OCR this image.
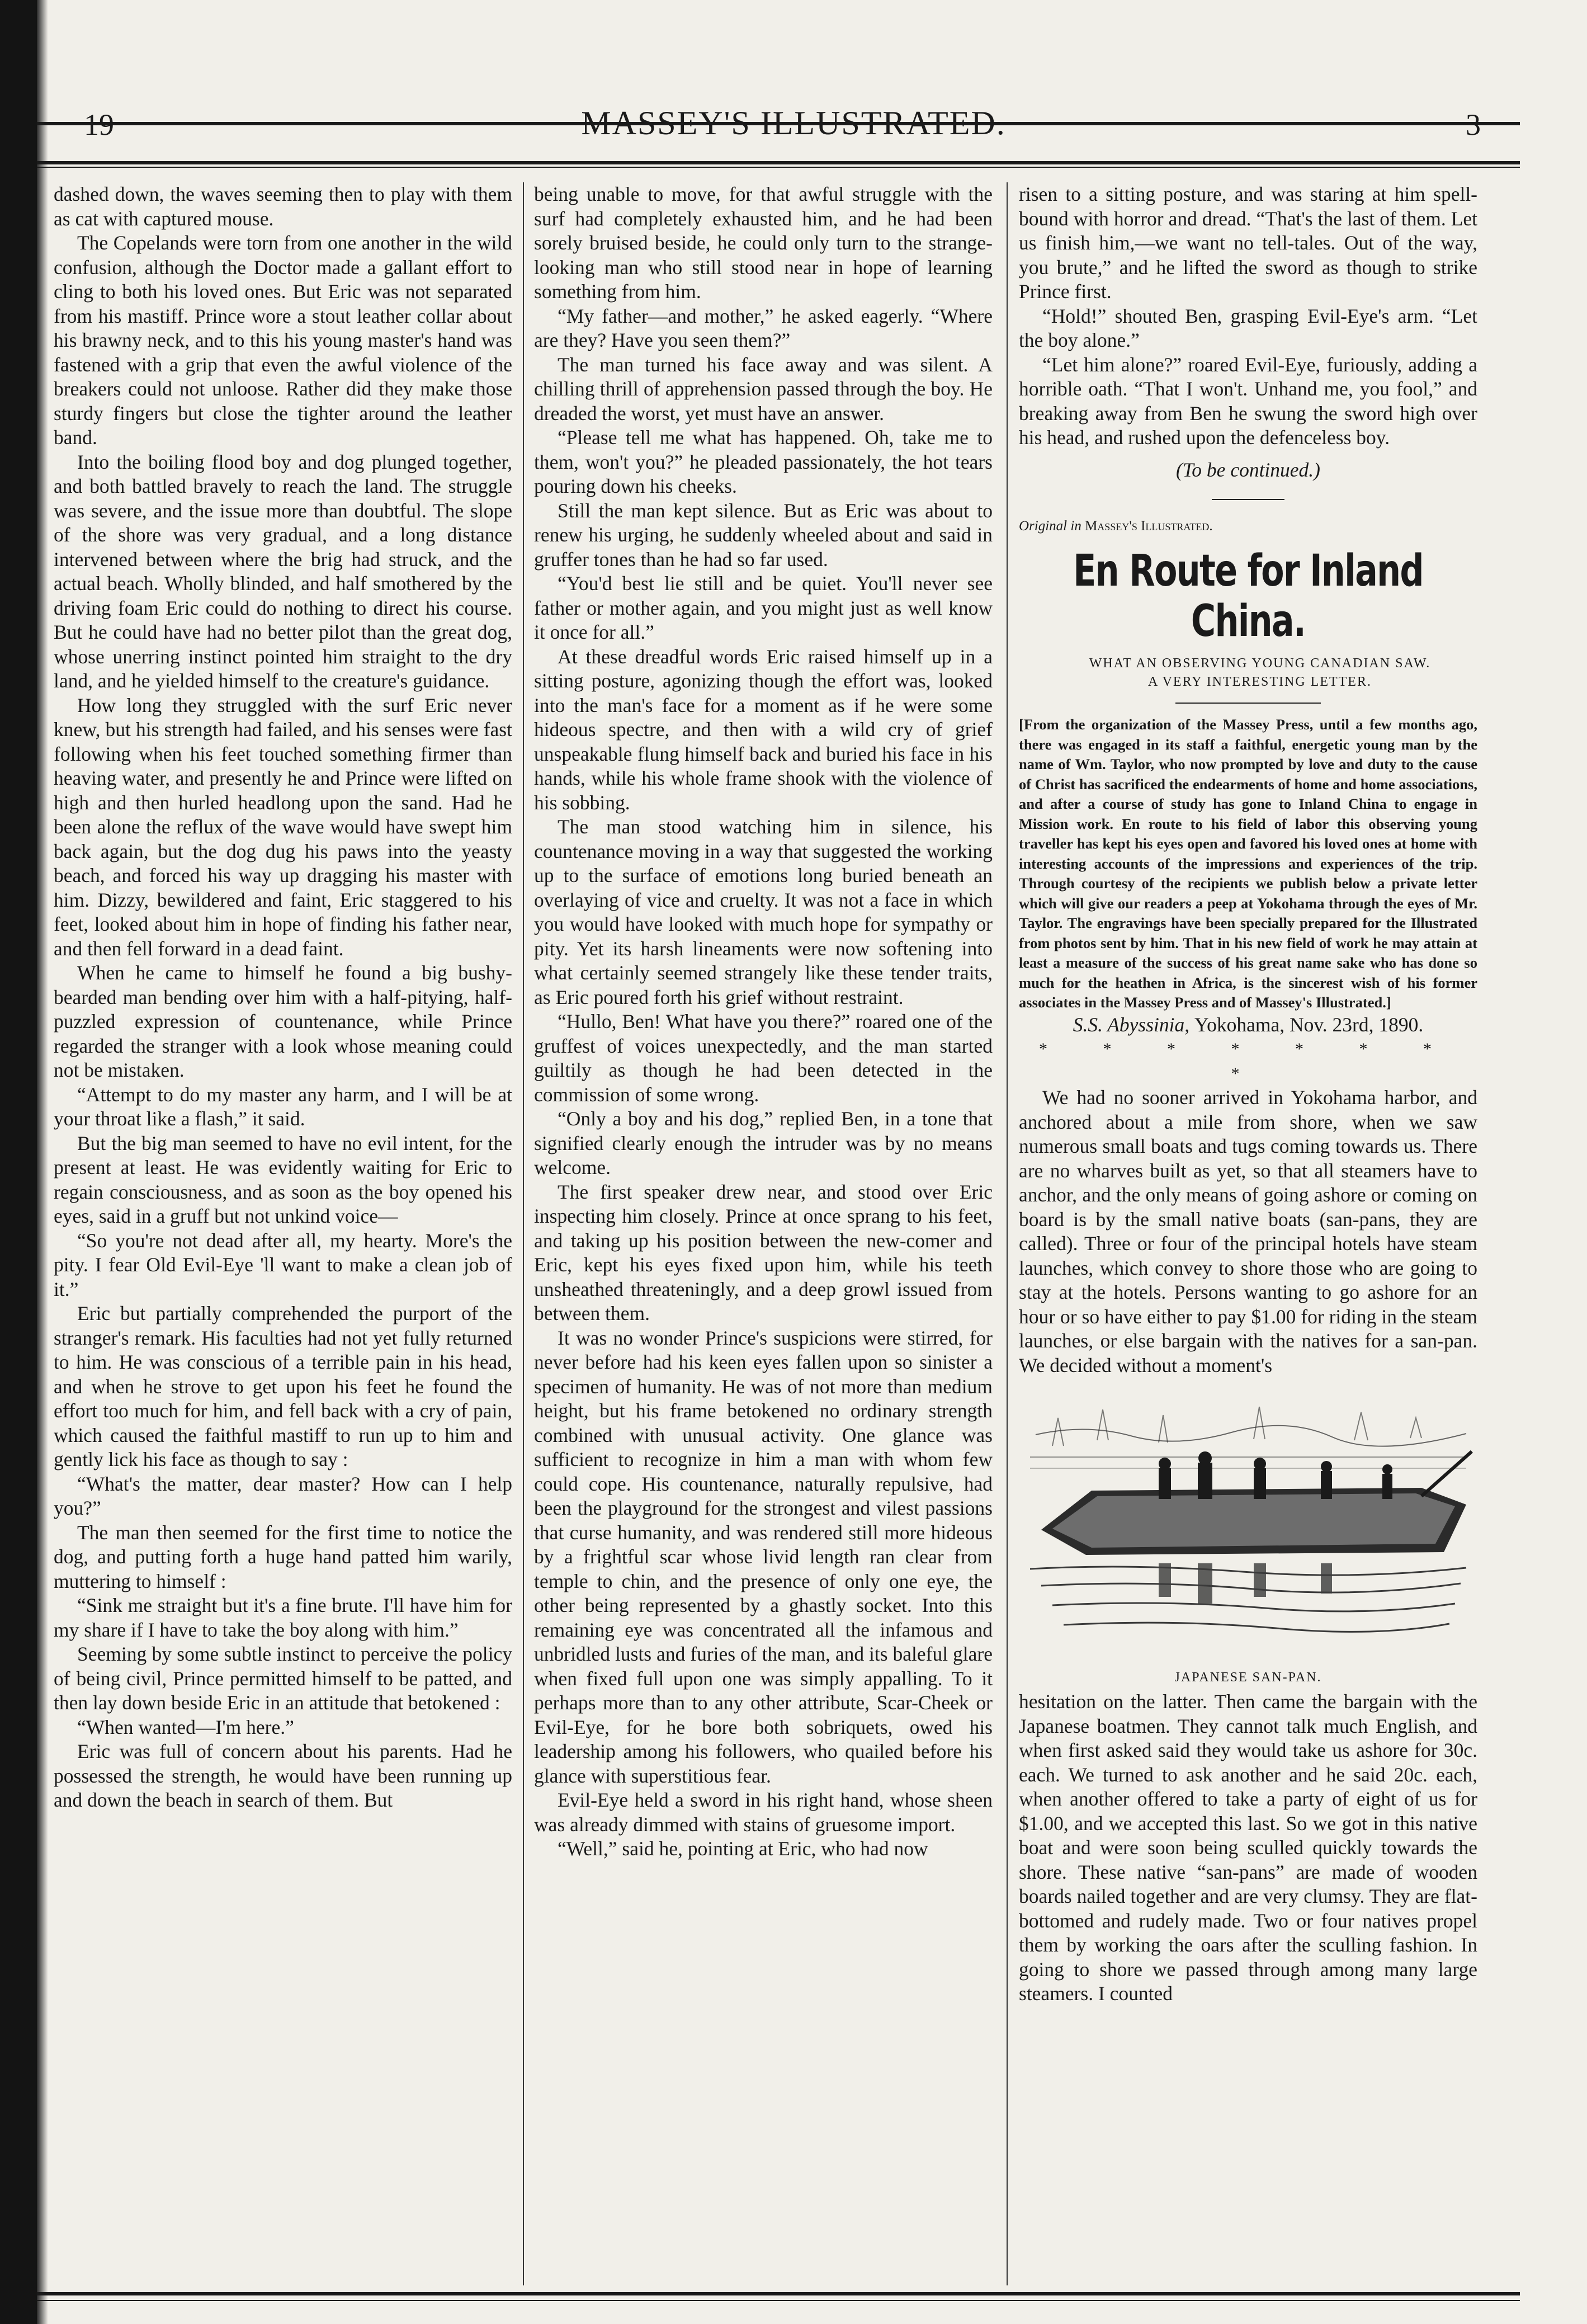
19	MASSEY'S ILLUSTRATED.	3

dashed down, the waves seeming then to play with them as cat with captured mouse.

The Copelands were torn from one another in the wild confusion, although the Doctor made a gallant effort to cling to both his loved ones. But Eric was not separated from his mastiff. Prince wore a stout leather collar about his brawny neck, and to this his young master's hand was fastened with a grip that even the awful violence of the breakers could not unloose. Rather did they make those sturdy fingers but close the tighter around the leather band.

Into the boiling flood boy and dog plunged together, and both battled bravely to reach the land. The struggle was severe, and the issue more than doubtful. The slope of the shore was very gradual, and a long distance intervened between where the brig had struck, and the actual beach. Wholly blinded, and half smothered by the driving foam Eric could do nothing to direct his course. But he could have had no better pilot than the great dog, whose unerring instinct pointed him straight to the dry land, and he yielded himself to the creature's guidance.

How long they struggled with the surf Eric never knew, but his strength had failed, and his senses were fast following when his feet touched something firmer than heaving water, and presently he and Prince were lifted on high and then hurled headlong upon the sand. Had he been alone the reflux of the wave would have swept him back again, but the dog dug his paws into the yeasty beach, and forced his way up dragging his master with him. Dizzy, bewildered and faint, Eric staggered to his feet, looked about him in hope of finding his father near, and then fell forward in a dead faint.

When he came to himself he found a big bushy-bearded man bending over him with a half-pitying, half-puzzled expression of countenance, while Prince regarded the stranger with a look whose meaning could not be mistaken.

“Attempt to do my master any harm, and I will be at your throat like a flash,” it said.

But the big man seemed to have no evil intent, for the present at least. He was evidently waiting for Eric to regain consciousness, and as soon as the boy opened his eyes, said in a gruff but not unkind voice—

“So you're not dead after all, my hearty. More's the pity. I fear Old Evil-Eye 'll want to make a clean job of it.”

Eric but partially comprehended the purport of the stranger's remark. His faculties had not yet fully returned to him. He was conscious of a terrible pain in his head, and when he strove to get upon his feet he found the effort too much for him, and fell back with a cry of pain, which caused the faithful mastiff to run up to him and gently lick his face as though to say :

“What's the matter, dear master? How can I help you?”

The man then seemed for the first time to notice the dog, and putting forth a huge hand patted him warily, muttering to himself :

“Sink me straight but it's a fine brute. I'll have him for my share if I have to take the boy along with him.”

Seeming by some subtle instinct to perceive the policy of being civil, Prince permitted himself to be patted, and then lay down beside Eric in an attitude that betokened :

“When wanted—I'm here.”

Eric was full of concern about his parents. Had he possessed the strength, he would have been running up and down the beach in search of them. But

being unable to move, for that awful struggle with the surf had completely exhausted him, and he had been sorely bruised beside, he could only turn to the strange-looking man who still stood near in hope of learning something from him.

“My father—and mother,” he asked eagerly. “Where are they? Have you seen them?”

The man turned his face away and was silent. A chilling thrill of apprehension passed through the boy. He dreaded the worst, yet must have an answer.

“Please tell me what has happened. Oh, take me to them, won't you?” he pleaded passionately, the hot tears pouring down his cheeks.

Still the man kept silence. But as Eric was about to renew his urging, he suddenly wheeled about and said in gruffer tones than he had so far used.

“You'd best lie still and be quiet. You'll never see father or mother again, and you might just as well know it once for all.”

At these dreadful words Eric raised himself up in a sitting posture, agonizing though the effort was, looked into the man's face for a moment as if he were some hideous spectre, and then with a wild cry of grief unspeakable flung himself back and buried his face in his hands, while his whole frame shook with the violence of his sobbing.

The man stood watching him in silence, his countenance moving in a way that suggested the working up to the surface of emotions long buried beneath an overlaying of vice and cruelty. It was not a face in which you would have looked with much hope for sympathy or pity. Yet its harsh lineaments were now softening into what certainly seemed strangely like these tender traits, as Eric poured forth his grief without restraint.

“Hullo, Ben! What have you there?” roared one of the gruffest of voices unexpectedly, and the man started guiltily as though he had been detected in the commission of some wrong.

“Only a boy and his dog,” replied Ben, in a tone that signified clearly enough the intruder was by no means welcome.

The first speaker drew near, and stood over Eric inspecting him closely. Prince at once sprang to his feet, and taking up his position between the new-comer and Eric, kept his eyes fixed upon him, while his teeth unsheathed threateningly, and a deep growl issued from between them.

It was no wonder Prince's suspicions were stirred, for never before had his keen eyes fallen upon so sinister a specimen of humanity. He was of not more than medium height, but his frame betokened no ordinary strength combined with unusual activity. One glance was sufficient to recognize in him a man with whom few could cope. His countenance, naturally repulsive, had been the playground for the strongest and vilest passions that curse humanity, and was rendered still more hideous by a frightful scar whose livid length ran clear from temple to chin, and the presence of only one eye, the other being represented by a ghastly socket. Into this remaining eye was concentrated all the infamous and unbridled lusts and furies of the man, and its baleful glare when fixed full upon one was simply appalling. To it perhaps more than to any other attribute, Scar-Cheek or Evil-Eye, for he bore both sobriquets, owed his leadership among his followers, who quailed before his glance with superstitious fear.

Evil-Eye held a sword in his right hand, whose sheen was already dimmed with stains of gruesome import.

“Well,” said he, pointing at Eric, who had now

risen to a sitting posture, and was staring at him spell-bound with horror and dread. “That's the last of them. Let us finish him,—we want no tell-tales. Out of the way, you brute,” and he lifted the sword as though to strike Prince first.

“Hold!” shouted Ben, grasping Evil-Eye's arm. “Let the boy alone.”

“Let him alone?” roared Evil-Eye, furiously, adding a horrible oath. “That I won't. Unhand me, you fool,” and breaking away from Ben he swung the sword high over his head, and rushed upon the defenceless boy.

(To be continued.)

Original in Massey's Illustrated.
En Route for Inland China.

WHAT AN OBSERVING YOUNG CANADIAN SAW.

A VERY INTERESTING LETTER.

[From the organization of the Massey Press, until a few months ago, there was engaged in its staff a faithful, energetic young man by the name of Wm. Taylor, who now prompted by love and duty to the cause of Christ has sacrificed the endearments of home and home associations, and after a course of study has gone to Inland China to engage in Mission work. En route to his field of labor this observing young traveller has kept his eyes open and favored his loved ones at home with interesting accounts of the impressions and experiences of the trip. Through courtesy of the recipients we publish below a private letter which will give our readers a peep at Yokohama through the eyes of Mr. Taylor. The engravings have been specially prepared for the Illustrated from photos sent by him. That in his new field of work he may attain at least a measure of the success of his great name sake who has done so much for the heathen in Africa, is the sincerest wish of his former associates in the Massey Press and of Massey's Illustrated.]

S.S. Abyssinia, Yokohama, Nov. 23rd, 1890.

* * * * * * * *

We had no sooner arrived in Yokohama harbor, and anchored about a mile from shore, when we saw numerous small boats and tugs coming towards us. There are no wharves built as yet, so that all steamers have to anchor, and the only means of going ashore or coming on board is by the small native boats (san-pans, they are called). Three or four of the principal hotels have steam launches, which convey to shore those who are going to stay at the hotels. Persons wanting to go ashore for an hour or so have either to pay $1.00 for riding in the steam launches, or else bargain with the natives for a san-pan. We decided without a moment's

JAPANESE SAN-PAN.

hesitation on the latter. Then came the bargain with the Japanese boatmen. They cannot talk much English, and when first asked said they would take us ashore for 30c. each. We turned to ask another and he said 20c. each, when another offered to take a party of eight of us for $1.00, and we accepted this last. So we got in this native boat and were soon being sculled quickly towards the shore. These native “san-pans” are made of wooden boards nailed together and are very clumsy. They are flat-bottomed and rudely made. Two or four natives propel them by working the oars after the sculling fashion. In going to shore we passed through among many large steamers. I counted
